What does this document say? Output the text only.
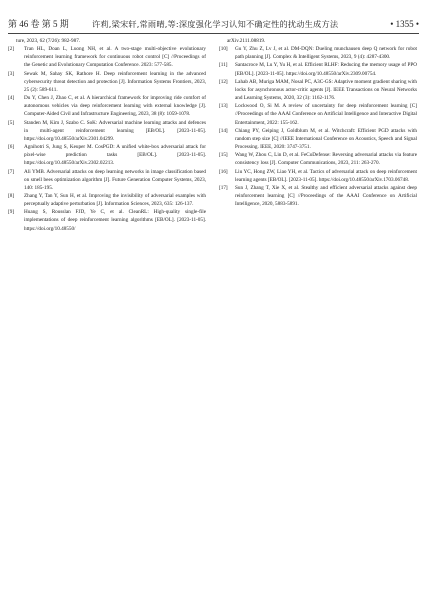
第 46 卷 第 5 期	许莉,梁宋轩,常雨晴,等:深度强化学习认知不确定性的扰动生成方法	• 1355 •

ture, 2023, 62 (7/26): 982-987.

[2] Tran HL, Doan L, Luong NH, et al. A two-stage multi-objective evolutionary reinforcement learning framework for continuous robot control [C] //Proceedings of the Genetic and Evolutionary Computation Conference. 2023: 577-585.

[3] Sewak M, Sahay SK, Rathore H. Deep reinforcement learning in the advanced cybersecurity threat detection and protection [J]. Information Systems Frontiers, 2023, 25 (2): 589-611.

[4] Du Y, Chen J, Zhao C, et al. A hierarchical framework for improving ride comfort of autonomous vehicles via deep reinforcement learning with external knowledge [J]. Computer-Aided Civil and Infrastructure Engineering, 2023, 38 (8): 1059-1078.

[5] Standen M, Kim J, Szabo C. SoK: Adversarial machine learning attacks and defences in multi-agent reinforcement learning [EB/OL]. [2023-11-05]. https://doi.org/10.48550/arXiv.2301.04299.

[6] Agnihotri S, Jung S, Keuper M. CosPGD: A unified white-box adversarial attack for pixel-wise prediction tasks [EB/OL]. [2023-11-05]. https://doi.org/10.48550/arXiv.2302.02213.

[7] Ali YMB. Adversarial attacks on deep learning networks in image classification based on smell bees optimization algorithm [J]. Future Generation Computer Systems, 2023, 140: 185-195.

[8] Zhang Y, Tan Y, Sun H, et al. Improving the invisibility of adversarial examples with perceptually adaptive perturbation [J]. Information Sciences, 2023, 635: 126-137.

[9] Huang S, Rousslan FJD, Ye C, et al. CleanRL: High-quality single-file implementations of deep reinforcement learning algorithms [EB/OL]. [2023-11-05]. https://doi.org/10.48550/

arXiv.2111.08819.

[10] Gu Y, Zhu Z, Lv J, et al. DM-DQN: Dueling munchausen deep Q network for robot path planning [J]. Complex & Intelligent Systems, 2023, 9 (4): 4287-4300.

[11] Santacroce M, Lu Y, Yu H, et al. Efficient RLHF: Reducing the memory usage of PPO [EB/OL]. [2023-11-05]. https://doi.org/10.48550/arXiv.2309.00754.

[12] Lahab AB, Muriga MAM, Nosal PC, A3C-GS: Adaptive moment gradient sharing with locks for asynchronous actor-critic agents [J]. IEEE Transactions on Neural Networks and Learning Systems, 2020, 32 (3): 1162-1176.

[13] Lockwood O, Si M. A review of uncertainty for deep reinforcement learning [C] //Proceedings of the AAAI Conference on Artificial Intelligence and Interactive Digital Entertainment, 2022: 155-162.

[14] Chiang PY, Geiping J, Goldblum M, et al. Witchcraft: Efficient PGD attacks with random step size [C] //IEEE International Conference on Acoustics, Speech and Signal Processing. IEEE, 2020: 3747-3751.

[15] Wang W, Zhou C, Lin D, et al. FeCoDefense: Reversing adversarial attacks via feature consistency loss [J]. Computer Communications, 2023, 211: 263-270.

[16] Liu YC, Hong ZW, Liao YH, et al. Tactics of adversarial attack on deep reinforcement learning agents [EB/OL]. [2023-11-05]. https://doi.org/10.48550/arXiv.1703.06748.

[17] Sun J, Zhang T, Xie X, et al. Stealthy and efficient adversarial attacks against deep reinforcement learning [C] //Proceedings of the AAAI Conference on Artificial Intelligence, 2020, 5883-5891.
